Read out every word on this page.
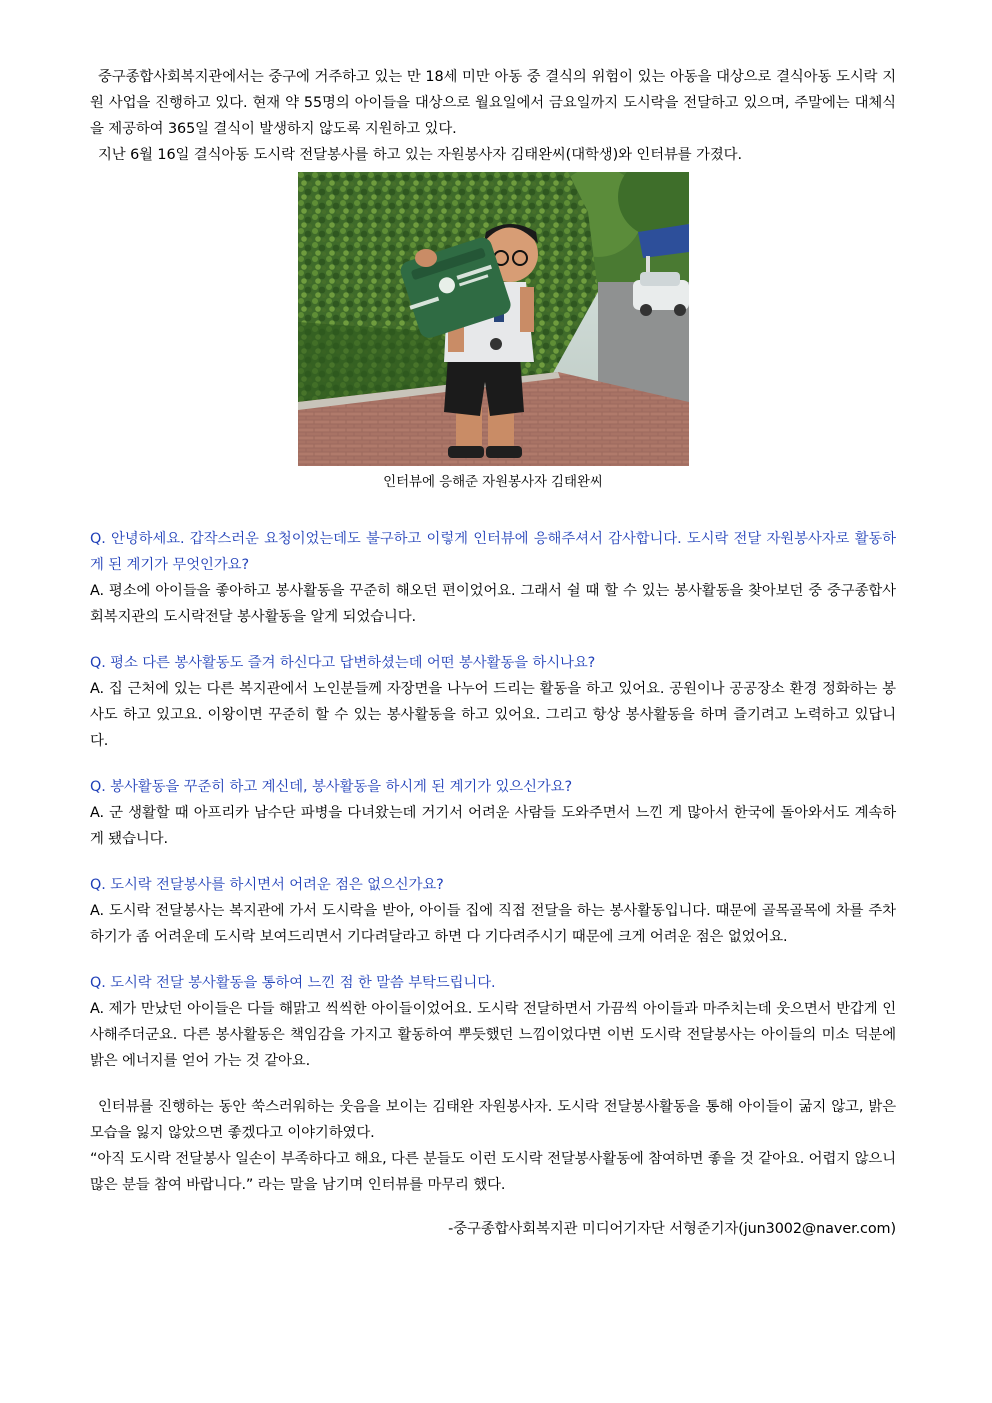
중구종합사회복지관에서는 중구에 거주하고 있는 만 18세 미만 아동 중 결식의 위험이 있는 아동을 대상으로 결식아동 도시락 지원 사업을 진행하고 있다. 현재 약 55명의 아이들을 대상으로 월요일에서 금요일까지 도시락을 전달하고 있으며, 주말에는 대체식을 제공하여 365일 결식이 발생하지 않도록 지원하고 있다.

지난 6월 16일 결식아동 도시락 전달봉사를 하고 있는 자원봉사자 김태완씨(대학생)와 인터뷰를 가졌다.

인터뷰에 응해준 자원봉사자 김태완씨

Q. 안녕하세요. 갑작스러운 요청이었는데도 불구하고 이렇게 인터뷰에 응해주셔서 감사합니다. 도시락 전달 자원봉사자로 활동하게 된 계기가 무엇인가요?

A. 평소에 아이들을 좋아하고 봉사활동을 꾸준히 해오던 편이었어요. 그래서 쉴 때 할 수 있는 봉사활동을 찾아보던 중 중구종합사회복지관의 도시락전달 봉사활동을 알게 되었습니다.

Q. 평소 다른 봉사활동도 즐겨 하신다고 답변하셨는데 어떤 봉사활동을 하시나요?

A. 집 근처에 있는 다른 복지관에서 노인분들께 자장면을 나누어 드리는 활동을 하고 있어요. 공원이나 공공장소 환경 정화하는 봉사도 하고 있고요. 이왕이면 꾸준히 할 수 있는 봉사활동을 하고 있어요. 그리고 항상 봉사활동을 하며 즐기려고 노력하고 있답니다.

Q. 봉사활동을 꾸준히 하고 계신데, 봉사활동을 하시게 된 계기가 있으신가요?

A. 군 생활할 때 아프리카 남수단 파병을 다녀왔는데 거기서 어려운 사람들 도와주면서 느낀 게 많아서 한국에 돌아와서도 계속하게 됐습니다.

Q. 도시락 전달봉사를 하시면서 어려운 점은 없으신가요?

A. 도시락 전달봉사는 복지관에 가서 도시락을 받아, 아이들 집에 직접 전달을 하는 봉사활동입니다. 때문에 골목골목에 차를 주차하기가 좀 어려운데 도시락 보여드리면서 기다려달라고 하면 다 기다려주시기 때문에 크게 어려운 점은 없었어요.

Q. 도시락 전달 봉사활동을 통하여 느낀 점 한 말씀 부탁드립니다.

A. 제가 만났던 아이들은 다들 해맑고 씩씩한 아이들이었어요. 도시락 전달하면서 가끔씩 아이들과 마주치는데 웃으면서 반갑게 인사해주더군요. 다른 봉사활동은 책임감을 가지고 활동하여 뿌듯했던 느낌이었다면 이번 도시락 전달봉사는 아이들의 미소 덕분에 밝은 에너지를 얻어 가는 것 같아요.

인터뷰를 진행하는 동안 쑥스러워하는 웃음을 보이는 김태완 자원봉사자. 도시락 전달봉사활동을 통해 아이들이 굶지 않고, 밝은 모습을 잃지 않았으면 좋겠다고 이야기하였다.

“아직 도시락 전달봉사 일손이 부족하다고 해요, 다른 분들도 이런 도시락 전달봉사활동에 참여하면 좋을 것 같아요. 어렵지 않으니 많은 분들 참여 바랍니다.” 라는 말을 남기며 인터뷰를 마무리 했다.

-중구종합사회복지관 미디어기자단 서형준기자(jun3002@naver.com)
